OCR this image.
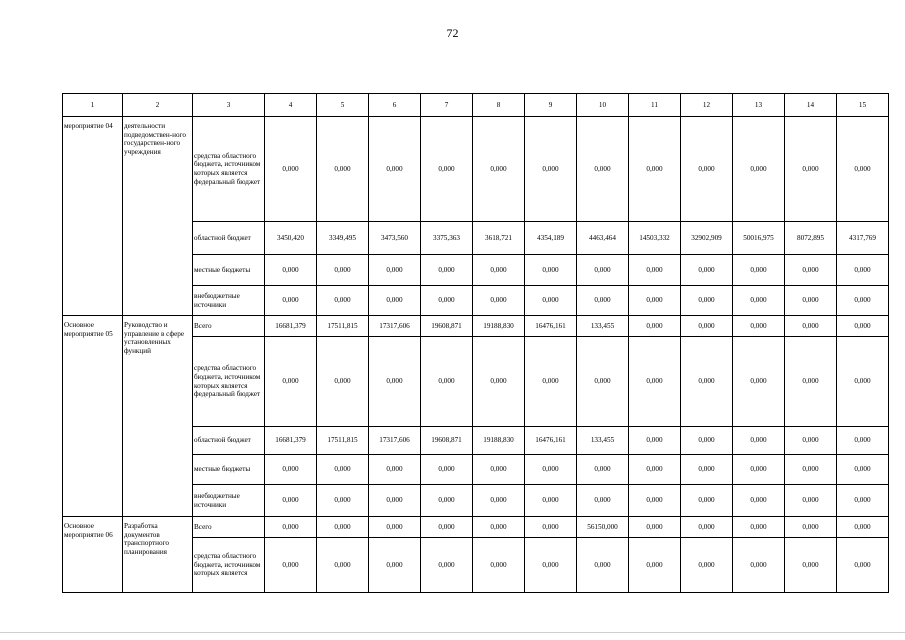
72
1	2	3	4	5	6	7	8	9	10	11	12	13	14	15
мероприятие 04	деятельности подведомствен-ного государствен-ного учреждения	средства областного бюджета, источником которых является федеральный бюджет	0,000	0,000	0,000	0,000	0,000	0,000	0,000	0,000	0,000	0,000	0,000	0,000
		областной бюджет	3450,420	3349,495	3473,560	3375,363	3618,721	4354,189	4463,464	14503,332	32902,909	50016,975	8072,895	4317,769
		местные бюджеты	0,000	0,000	0,000	0,000	0,000	0,000	0,000	0,000	0,000	0,000	0,000	0,000
		внебюджетные источники	0,000	0,000	0,000	0,000	0,000	0,000	0,000	0,000	0,000	0,000	0,000	0,000
Основное мероприятие 05	Руководство и управление в сфере установленных функций	Всего	16681,379	17511,815	17317,606	19608,871	19188,830	16476,161	133,455	0,000	0,000	0,000	0,000	0,000
		средства областного бюджета, источником которых является федеральный бюджет	0,000	0,000	0,000	0,000	0,000	0,000	0,000	0,000	0,000	0,000	0,000	0,000
		областной бюджет	16681,379	17511,815	17317,606	19608,871	19188,830	16476,161	133,455	0,000	0,000	0,000	0,000	0,000
		местные бюджеты	0,000	0,000	0,000	0,000	0,000	0,000	0,000	0,000	0,000	0,000	0,000	0,000
		внебюджетные источники	0,000	0,000	0,000	0,000	0,000	0,000	0,000	0,000	0,000	0,000	0,000	0,000
Основное мероприятие 06	Разработка документов транспортного планирования	Всего	0,000	0,000	0,000	0,000	0,000	0,000	56150,000	0,000	0,000	0,000	0,000	0,000
		средства областного бюджета, источником которых является	0,000	0,000	0,000	0,000	0,000	0,000	0,000	0,000	0,000	0,000	0,000	0,000
